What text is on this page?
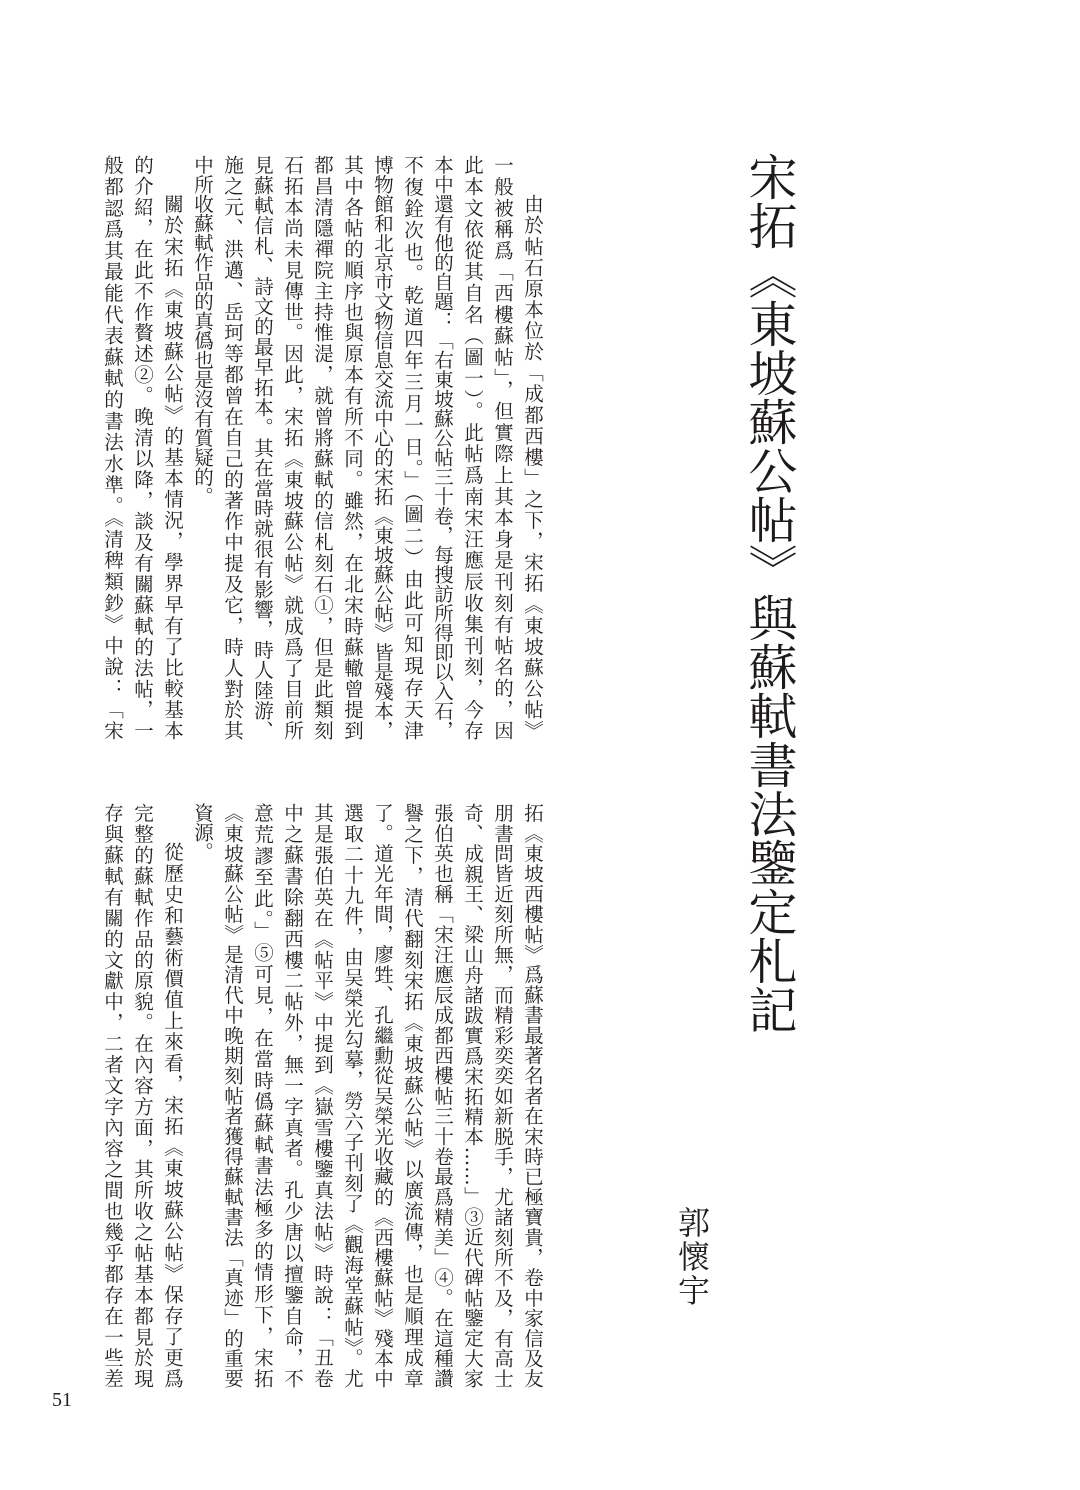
宋拓《東坡蘇公帖》與蘇軾書法鑒定札記
郭懷宇
由於帖石原本位於「成都西樓」之下，宋拓《東坡蘇公帖》
一般被稱爲「西樓蘇帖」，但實際上其本身是刊刻有帖名的，因
此本文依從其自名（圖一）。此帖爲南宋汪應辰收集刊刻，今存
本中還有他的自題：「右東坡蘇公帖三十卷，每搜訪所得即以入石，
不復銓次也。乾道四年三月一日。」（圖二）由此可知現存天津
博物館和北京市文物信息交流中心的宋拓《東坡蘇公帖》皆是殘本，
其中各帖的順序也與原本有所不同。雖然，在北宋時蘇轍曾提到
都昌清隱禪院主持惟湜，就曾將蘇軾的信札刻石①，但是此類刻
石拓本尚未見傳世。因此，宋拓《東坡蘇公帖》就成爲了目前所
見蘇軾信札、詩文的最早拓本。其在當時就很有影響，時人陸游、
施之元、洪邁、岳珂等都曾在自己的著作中提及它，時人對於其
中所收蘇軾作品的真僞也是沒有質疑的。
關於宋拓《東坡蘇公帖》的基本情況，學界早有了比較基本
的介紹，在此不作贅述②。晚清以降，談及有關蘇軾的法帖，一
般都認爲其最能代表蘇軾的書法水準。《清稗類鈔》中說：「宋
拓《東坡西樓帖》爲蘇書最著名者在宋時已極寶貴，卷中家信及友
朋書問皆近刻所無，而精彩奕奕如新脱手，尤諸刻所不及，有高士
奇、成親王、梁山舟諸跋實爲宋拓精本……」③近代碑帖鑒定大家
張伯英也稱「宋汪應辰成都西樓帖三十卷最爲精美」④。在這種讚
譽之下，清代翻刻宋拓《東坡蘇公帖》以廣流傳，也是順理成章
了。道光年間，廖甡、孔繼勳從吴榮光收藏的《西樓蘇帖》殘本中
選取二十九件，由吴榮光勾摹，勞六子刊刻了《觀海堂蘇帖》。尤
其是張伯英在《帖平》中提到《嶽雪樓鑒真法帖》時說：「丑卷
中之蘇書除翻西樓二帖外，無一字真者。孔少唐以擅鑒自命，不
意荒謬至此。」⑤可見，在當時僞蘇軾書法極多的情形下，宋拓
《東坡蘇公帖》是清代中晚期刻帖者獲得蘇軾書法「真迹」的重要
資源。
從歷史和藝術價值上來看，宋拓《東坡蘇公帖》保存了更爲
完整的蘇軾作品的原貌。在內容方面，其所收之帖基本都見於現
存與蘇軾有關的文獻中，二者文字內容之間也幾乎都存在一些差
51
